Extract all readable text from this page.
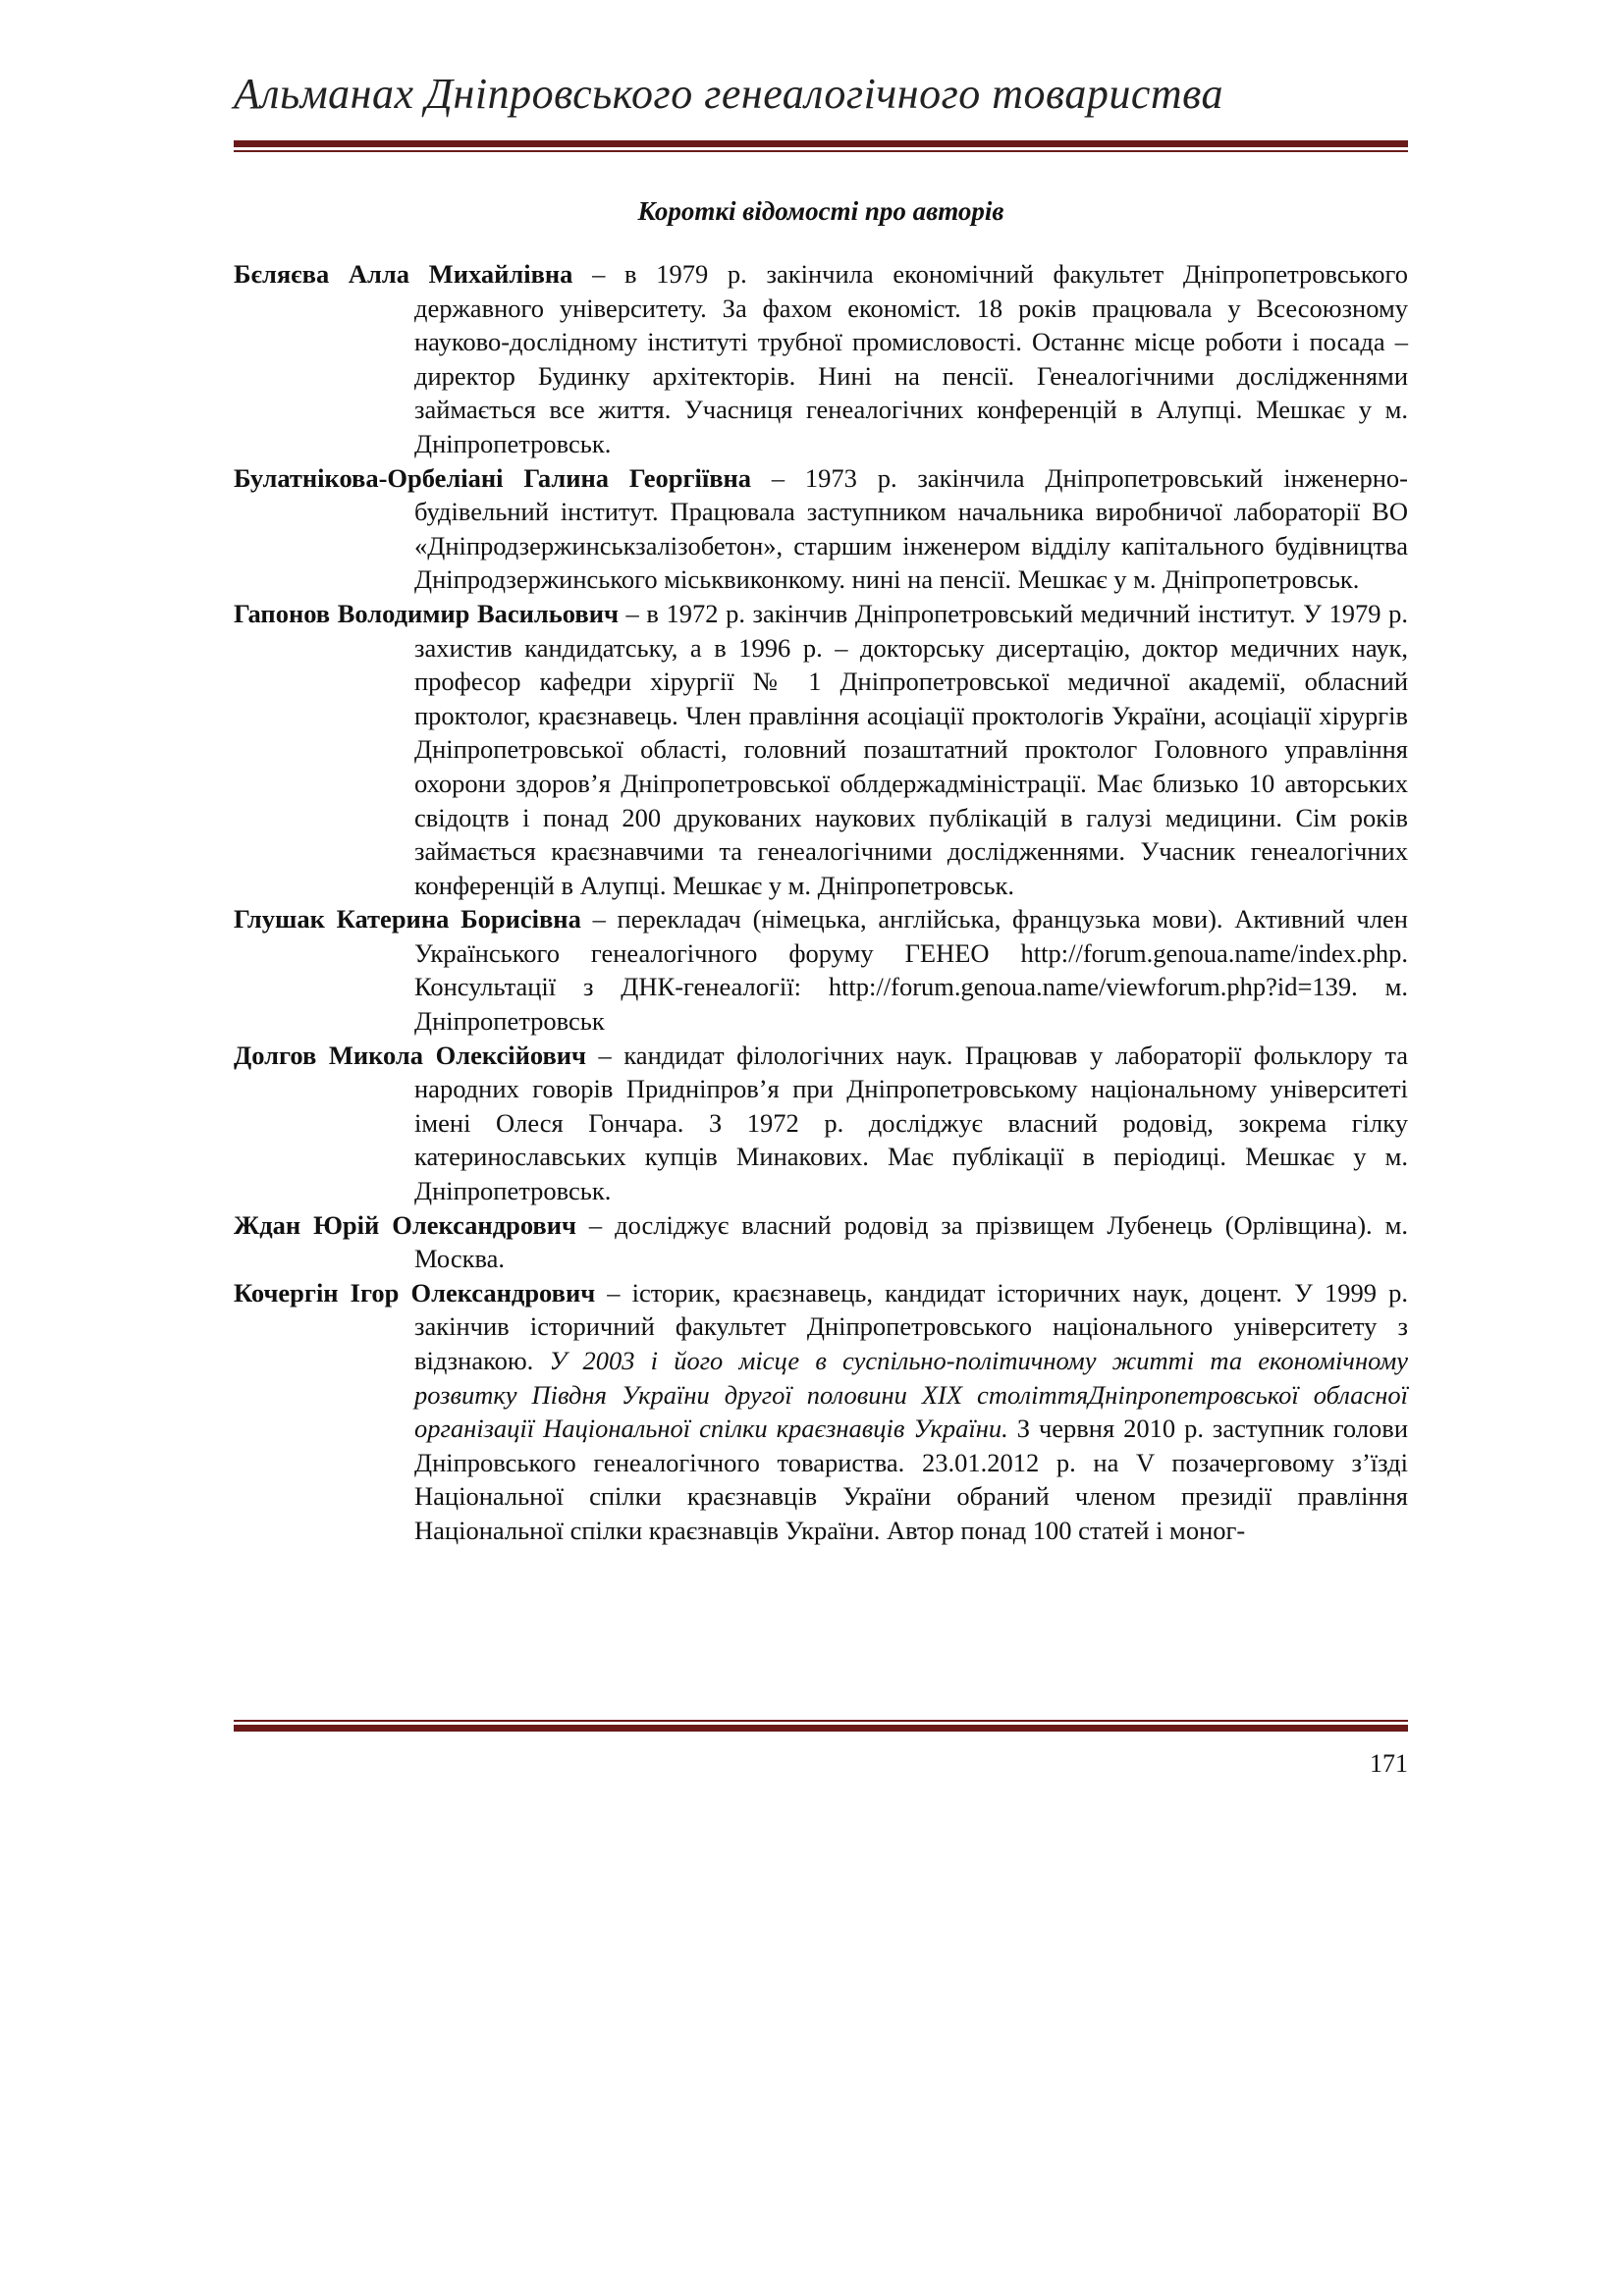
Альманах Дніпровського генеалогічного товариства
Короткі відомості про авторів

Бєляєва Алла Михайлівна – в 1979 р. закінчила економічний факультет Дніпропетровського державного університету. За фахом економіст. 18 років працювала у Всесоюзному науково-дослідному інституті трубної промисловості. Останнє місце роботи і посада – директор Будинку архітекторів. Нині на пенсії. Генеалогічними дослідженнями займається все життя. Учасниця генеалогічних конференцій в Алупці. Мешкає у м. Дніпропетровськ.

Булатнікова-Орбеліані Галина Георгіївна – 1973 р. закінчила Дніпропетровський інженерно-будівельний інститут. Працювала заступником начальника виробничої лабораторії ВО «Дніпродзержинськзалізобетон», старшим інженером відділу капітального будівництва Дніпродзержинського міськвиконкому. нині на пенсії. Мешкає у м. Дніпропетровськ.

Гапонов Володимир Васильович – в 1972 р. закінчив Дніпропетровський медичний інститут. У 1979 р. захистив кандидатську, а в 1996 р. – докторську дисертацію, доктор медичних наук, професор кафедри хірургії № 1 Дніпропетровської медичної академії, обласний проктолог, краєзнавець. Член правління асоціації проктологів України, асоціації хірургів Дніпропетровської області, головний позаштатний проктолог Головного управління охорони здоров’я Дніпропетровської облдержадміністрації. Має близько 10 авторських свідоцтв і понад 200 друкованих наукових публікацій в галузі медицини. Сім років займається краєзнавчими та генеалогічними дослідженнями. Учасник генеалогічних конференцій в Алупці. Мешкає у м. Дніпропетровськ.

Глушак Катерина Борисівна – перекладач (німецька, англійська, французька мови). Активний член Українського генеалогічного форуму ГЕНЕО http://forum.genoua.name/index.php. Консультації з ДНК-генеалогії: http://forum.genoua.name/viewforum.php?id=139. м. Дніпропетровськ

Долгов Микола Олексійович – кандидат філологічних наук. Працював у лабораторії фольклору та народних говорів Придніпров’я при Дніпропетровському національному університеті імені Олеся Гончара. З 1972 р. досліджує власний родовід, зокрема гілку катеринославських купців Минакових. Має публікації в періодиці. Мешкає у м. Дніпропетровськ.

Ждан Юрій Олександрович – досліджує власний родовід за прізвищем Лубенець (Орлівщина). м. Москва.

Кочергін Ігор Олександрович – історик, краєзнавець, кандидат історичних наук, доцент. У 1999 р. закінчив історичний факультет Дніпропетровського національного університету з відзнакою. У 2003 і його місце в суспільно-політичному житті та економічному розвитку Півдня України другої половини XIX століттяДніпропетровської обласної організації Національної спілки краєзнавців України. З червня 2010 р. заступник голови Дніпровського генеалогічного товариства. 23.01.2012 р. на V позачерговому з’їзді Національної спілки краєзнавців України обраний членом президії правління Національної спілки краєзнавців України. Автор понад 100 статей і моног-

171
